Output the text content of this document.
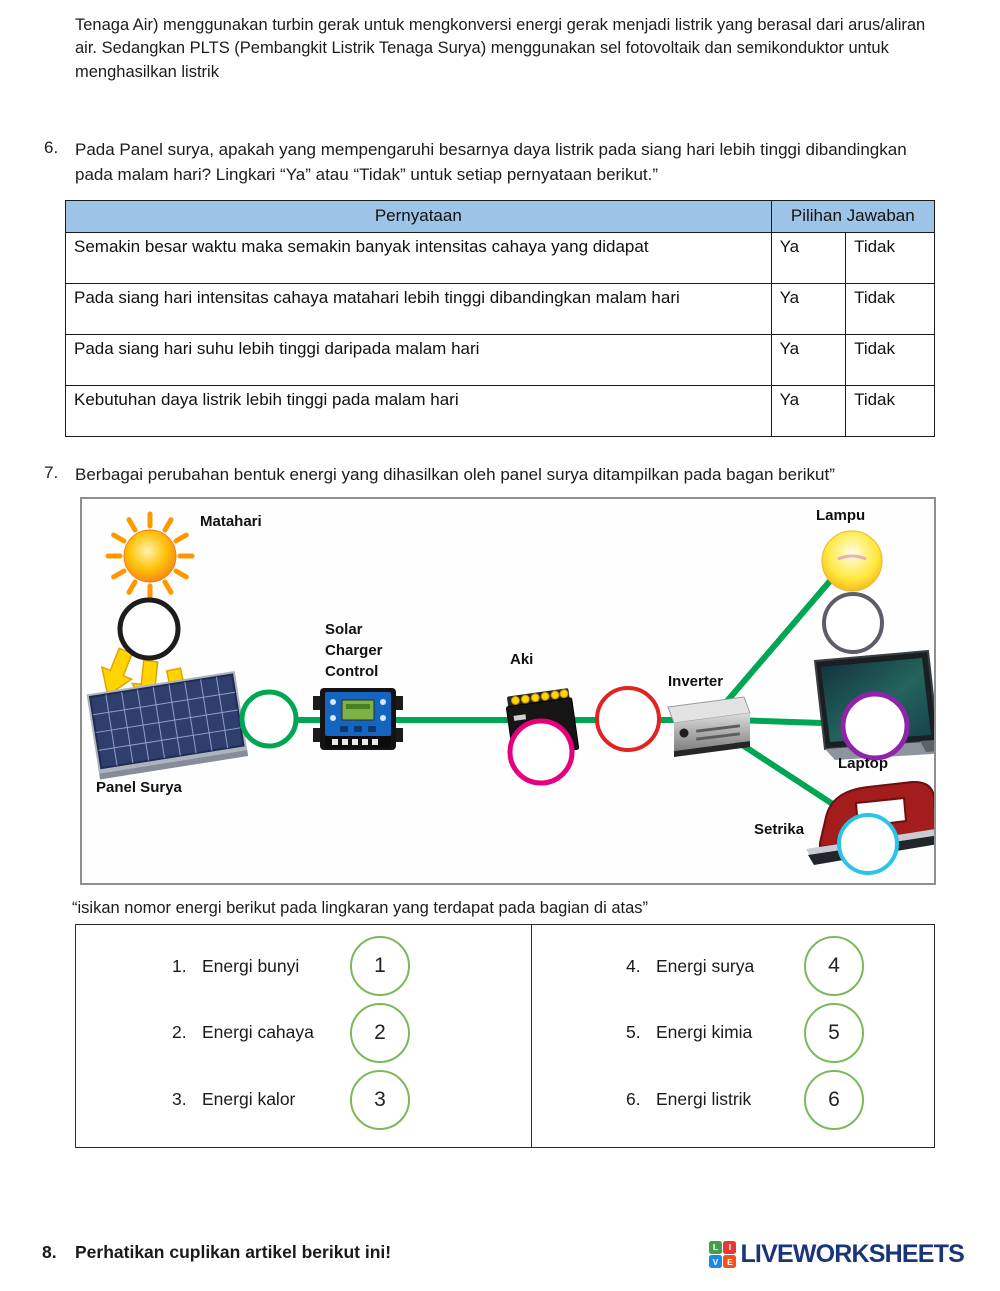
Tenaga Air) menggunakan turbin gerak untuk mengkonversi energi gerak menjadi listrik yang berasal dari arus/aliran air. Sedangkan PLTS (Pembangkit Listrik Tenaga Surya) menggunakan sel fotovoltaik dan semikonduktor untuk menghasilkan listrik
6. Pada Panel surya, apakah yang mempengaruhi besarnya daya listrik pada siang hari lebih tinggi dibandingkan pada malam hari? Lingkari “Ya” atau “Tidak” untuk setiap pernyataan berikut.”
Pernyataan	Pilihan Jawaban	
Semakin besar waktu maka semakin banyak intensitas cahaya yang didapat	Ya	Tidak
Pada siang hari intensitas cahaya matahari lebih tinggi dibandingkan malam hari	Ya	Tidak
Pada siang hari suhu lebih tinggi daripada malam hari	Ya	Tidak
Kebutuhan daya listrik lebih tinggi pada malam hari	Ya	Tidak
7. Berbagai perubahan bentuk energi yang dihasilkan oleh panel surya ditampilkan pada bagan berikut”
Matahari
Panel Surya
Solar Charger Control
Aki
Inverter
Lampu
Laptop
Setrika
“isikan nomor energi berikut pada lingkaran yang terdapat pada bagian di atas”
1. Energi bunyi	1
2. Energi cahaya	2
3. Energi kalor	3
4. Energi surya	4
5. Energi kimia	5
6. Energi listrik	6
8. Perhatikan cuplikan artikel berikut ini!	L	I
V	E LIVEWORKSHEETS
